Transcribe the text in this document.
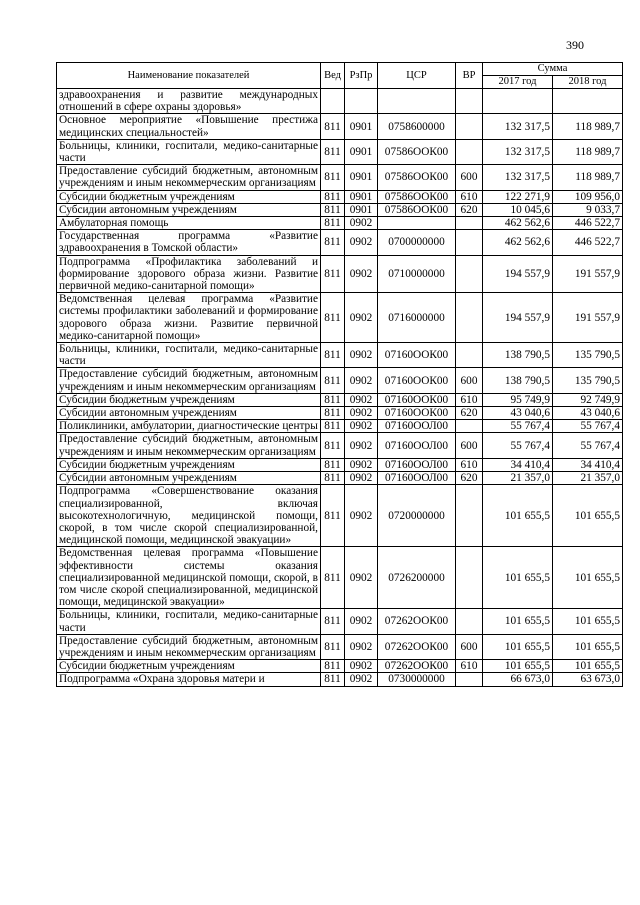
390
Наименование показателей	Вед	РзПр	ЦСР	ВР	Сумма	
					2017 год	2018 год
здравоохранения и развитие международных отношений в сфере охраны здоровья»						
Основное мероприятие «Повышение престижа медицинских специальностей»	811	0901	0758600000		132 317,5	118 989,7
Больницы, клиники, госпитали, медико-санитарные части	811	0901	07586ООК00		132 317,5	118 989,7
Предоставление субсидий бюджетным, автономным учреждениям и иным некоммерческим организациям	811	0901	07586ООК00	600	132 317,5	118 989,7
Субсидии бюджетным учреждениям	811	0901	07586ООК00	610	122 271,9	109 956,0
Субсидии автономным учреждениям	811	0901	07586ООК00	620	10 045,6	9 033,7
Амбулаторная помощь	811	0902			462 562,6	446 522,7
Государственная программа «Развитие здравоохранения в Томской области»	811	0902	0700000000		462 562,6	446 522,7
Подпрограмма «Профилактика заболеваний и формирование здорового образа жизни. Развитие первичной медико-санитарной помощи»	811	0902	0710000000		194 557,9	191 557,9
Ведомственная целевая программа «Развитие системы профилактики заболеваний и формирование здорового образа жизни. Развитие первичной медико-санитарной помощи»	811	0902	0716000000		194 557,9	191 557,9
Больницы, клиники, госпитали, медико-санитарные части	811	0902	07160ООК00		138 790,5	135 790,5
Предоставление субсидий бюджетным, автономным учреждениям и иным некоммерческим организациям	811	0902	07160ООК00	600	138 790,5	135 790,5
Субсидии бюджетным учреждениям	811	0902	07160ООК00	610	95 749,9	92 749,9
Субсидии автономным учреждениям	811	0902	07160ООК00	620	43 040,6	43 040,6
Поликлиники, амбулатории, диагностические центры	811	0902	07160ООЛ00		55 767,4	55 767,4
Предоставление субсидий бюджетным, автономным учреждениям и иным некоммерческим организациям	811	0902	07160ООЛ00	600	55 767,4	55 767,4
Субсидии бюджетным учреждениям	811	0902	07160ООЛ00	610	34 410,4	34 410,4
Субсидии автономным учреждениям	811	0902	07160ООЛ00	620	21 357,0	21 357,0
Подпрограмма «Совершенствование оказания специализированной, включая высокотехнологичную, медицинской помощи, скорой, в том числе скорой специализированной, медицинской помощи, медицинской эвакуации»	811	0902	0720000000		101 655,5	101 655,5
Ведомственная целевая программа «Повышение эффективности системы оказания специализированной медицинской помощи, скорой, в том числе скорой специализированной, медицинской помощи, медицинской эвакуации»	811	0902	0726200000		101 655,5	101 655,5
Больницы, клиники, госпитали, медико-санитарные части	811	0902	07262ООК00		101 655,5	101 655,5
Предоставление субсидий бюджетным, автономным учреждениям и иным некоммерческим организациям	811	0902	07262ООК00	600	101 655,5	101 655,5
Субсидии бюджетным учреждениям	811	0902	07262ООК00	610	101 655,5	101 655,5
Подпрограмма «Охрана здоровья матери и	811	0902	0730000000		66 673,0	63 673,0
